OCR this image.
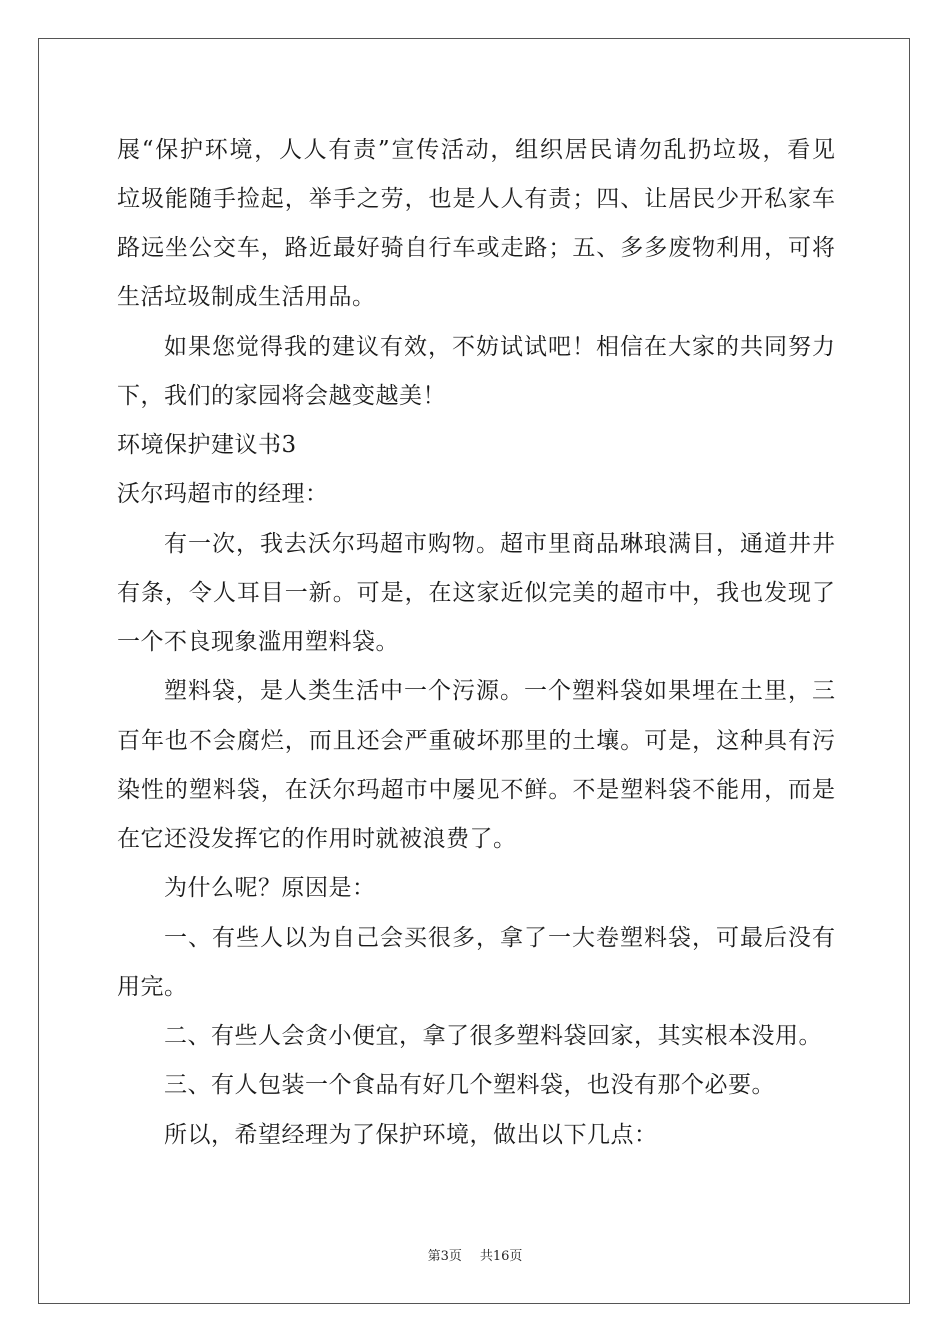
展“保护环境，人人有责”宣传活动，组织居民请勿乱扔垃圾，看见
垃圾能随手捡起，举手之劳，也是人人有责；四、让居民少开私家车
路远坐公交车，路近最好骑自行车或走路；五、多多废物利用，可将
生活垃圾制成生活用品。
如果您觉得我的建议有效，不妨试试吧！相信在大家的共同努力
下，我们的家园将会越变越美！
环境保护建议书3
沃尔玛超市的经理：
有一次，我去沃尔玛超市购物。超市里商品琳琅满目，通道井井
有条，令人耳目一新。可是，在这家近似完美的超市中，我也发现了
一个不良现象滥用塑料袋。
塑料袋，是人类生活中一个污源。一个塑料袋如果埋在土里，三
百年也不会腐烂，而且还会严重破坏那里的土壤。可是，这种具有污
染性的塑料袋，在沃尔玛超市中屡见不鲜。不是塑料袋不能用，而是
在它还没发挥它的作用时就被浪费了。
为什么呢？原因是：
一、有些人以为自己会买很多，拿了一大卷塑料袋，可最后没有
用完。
二、有些人会贪小便宜，拿了很多塑料袋回家，其实根本没用。
三、有人包装一个食品有好几个塑料袋，也没有那个必要。
所以，希望经理为了保护环境，做出以下几点：
第3页 共16页
